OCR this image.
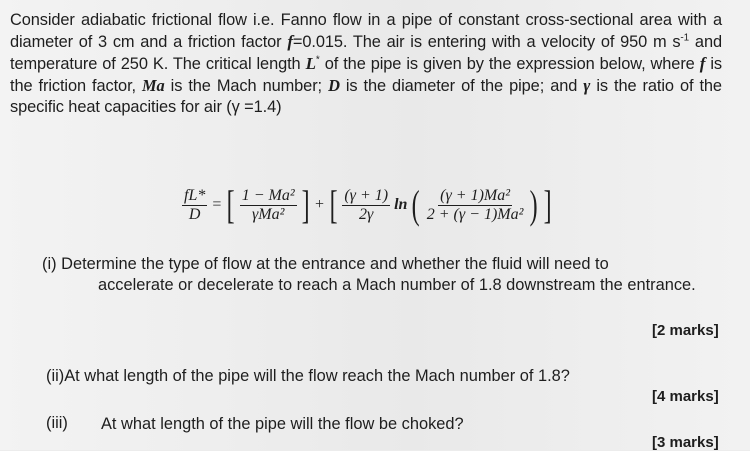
Consider adiabatic frictional flow i.e. Fanno flow in a pipe of constant cross-sectional area with a diameter of 3 cm and a friction factor f=0.015. The air is entering with a velocity of 950 m $s^{-1}$ and temperature of 250 K. The critical length L* of the pipe is given by the expression below, where f is the friction factor, Ma is the Mach number; D is the diameter of the pipe; and γ is the ratio of the specific heat capacities for air (γ =1.4)

$\frac{fL*}{D}$ = [ $\frac{\text{1 − Ma²}}{\text{γMa²}}$ ] + [ $\frac{(\gamma + 1)}{2\gamma}$ ln ( $\frac{\text{(γ + 1)Ma²}}{\text{2 + (γ − 1)Ma²}}$ ) ]

(i) Determine the type of flow at the entrance and whether the fluid will need to

accelerate or decelerate to reach a Mach number of 1.8 downstream the entrance.

[2 marks]
(ii)At what length of the pipe will the flow reach the Mach number of 1.8?
[4 marks]
(iii) At what length of the pipe will the flow be choked?
[3 marks]
